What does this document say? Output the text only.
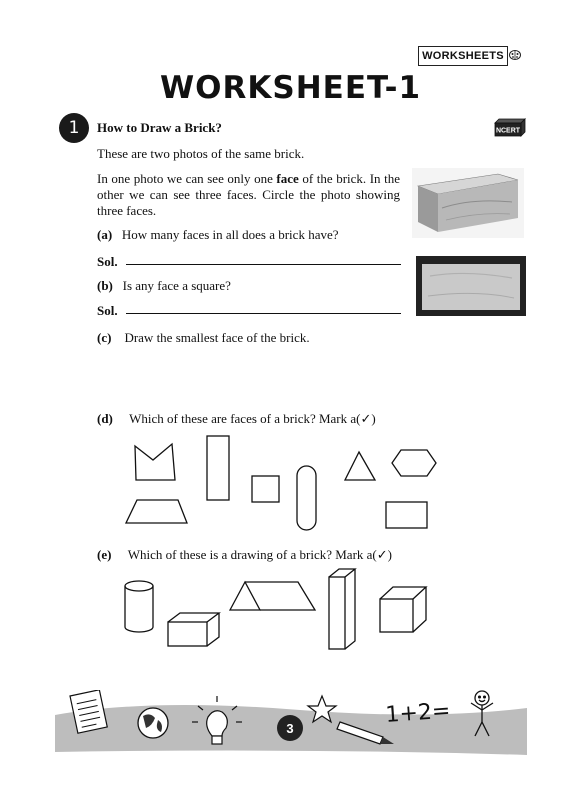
WORKSHEETS
WORKSHEET-1
1	How to Draw a Brick?	NCERT
These are two photos of the same brick.
In one photo we can see only one face of the brick. In the other we can see three faces. Circle the photo showing three faces.
(a) How many faces in all does a brick have?
Sol.
(b) Is any face a square?
Sol.
(c) Draw the smallest face of the brick.
(d) Which of these are faces of a brick? Mark a(✓)
(e) Which of these is a drawing of a brick? Mark a(✓)
3
1+2=
